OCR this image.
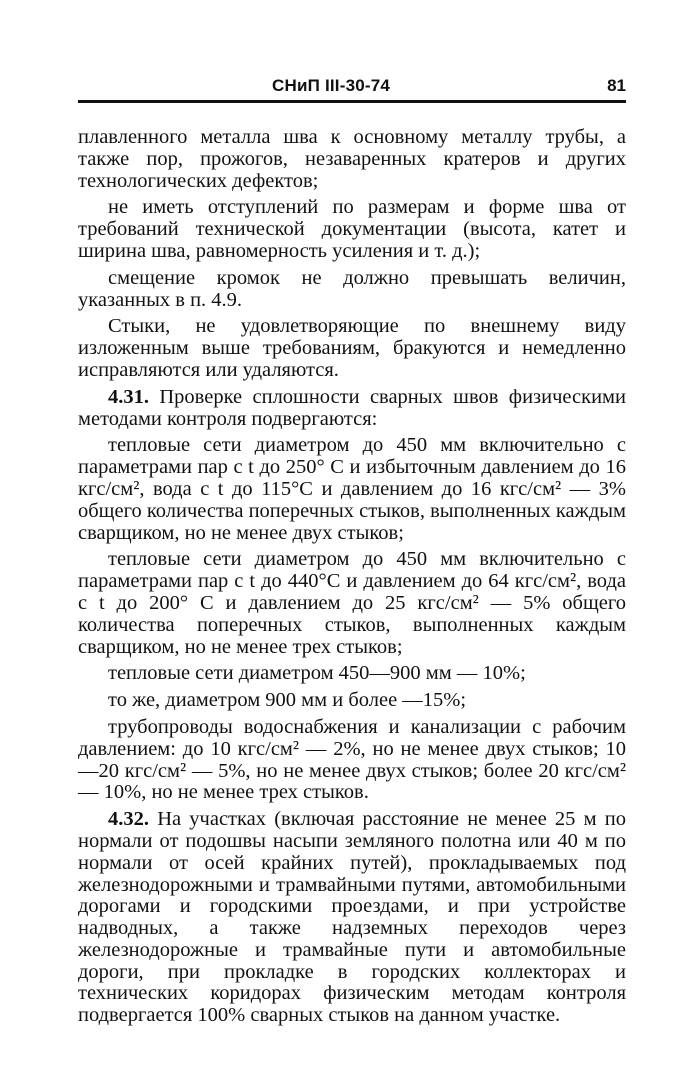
СНиП III-30-74	81

плавленного металла шва к основному металлу трубы, а также пор, прожогов, незаваренных кратеров и других технологических дефектов;

не иметь отступлений по размерам и форме шва от требований технической документации (высота, катет и ширина шва, равномерность усиления и т. д.);

смещение кромок не должно превышать величин, указанных в п. 4.9.

Стыки, не удовлетворяющие по внешнему виду изложенным выше требованиям, бракуются и немедленно исправляются или удаляются.

4.31. Проверке сплошности сварных швов физическими методами контроля подвергаются:

тепловые сети диаметром до 450 мм включительно с параметрами пар с t до 250° С и избыточным давлением до 16 кгс/см², вода с t до 115°С и давлением до 16 кгс/см² — 3% общего количества поперечных стыков, выполненных каждым сварщиком, но не менее двух стыков;

тепловые сети диаметром до 450 мм включительно с параметрами пар с t до 440°С и давлением до 64 кгс/см², вода с t до 200° С и давлением до 25 кгс/см² — 5% общего количества поперечных стыков, выполненных каждым сварщиком, но не менее трех стыков;

тепловые сети диаметром 450—900 мм — 10%;

то же, диаметром 900 мм и более —15%;

трубопроводы водоснабжения и канализации с рабочим давлением: до 10 кгс/см² — 2%, но не менее двух стыков; 10—20 кгс/см² — 5%, но не менее двух стыков; более 20 кгс/см² — 10%, но не менее трех стыков.

4.32. На участках (включая расстояние не менее 25 м по нормали от подошвы насыпи земляного полотна или 40 м по нормали от осей крайних путей), прокладываемых под железнодорожными и трамвайными путями, автомобильными дорогами и городскими проездами, и при устройстве надводных, а также надземных переходов через железнодорожные и трамвайные пути и автомобильные дороги, при прокладке в городских коллекторах и технических коридорах физическим методам контроля подвергается 100% сварных стыков на данном участке.
